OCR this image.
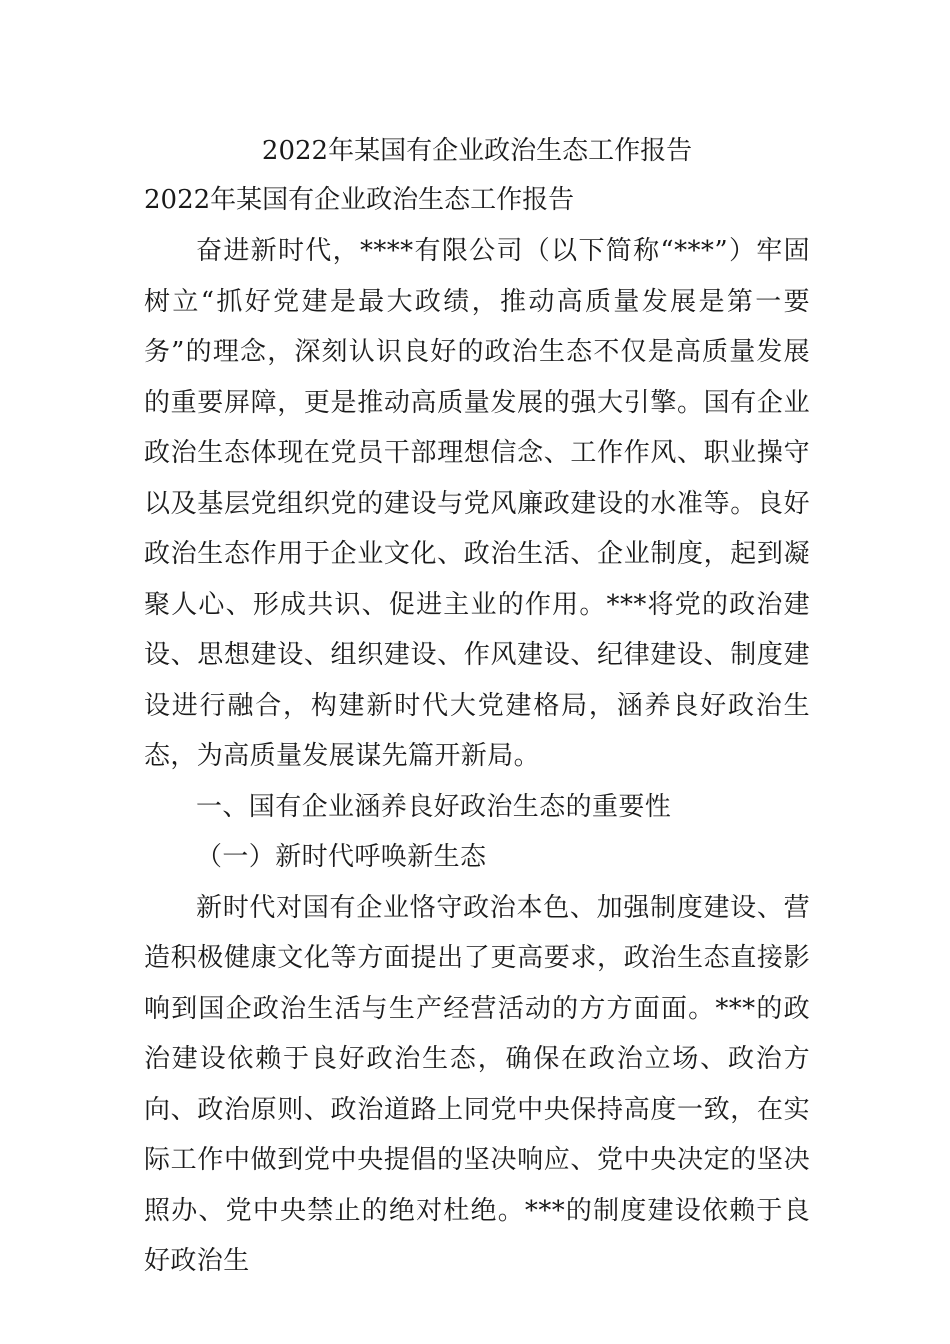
2022年某国有企业政治生态工作报告
2022年某国有企业政治生态工作报告

奋进新时代，****有限公司（以下简称“***”）牢固树立“抓好党建是最大政绩，推动高质量发展是第一要务”的理念，深刻认识良好的政治生态不仅是高质量发展的重要屏障，更是推动高质量发展的强大引擎。国有企业政治生态体现在党员干部理想信念、工作作风、职业操守以及基层党组织党的建设与党风廉政建设的水准等。良好政治生态作用于企业文化、政治生活、企业制度，起到凝聚人心、形成共识、促进主业的作用。***将党的政治建设、思想建设、组织建设、作风建设、纪律建设、制度建设进行融合，构建新时代大党建格局，涵养良好政治生态，为高质量发展谋先篇开新局。

一、国有企业涵养良好政治生态的重要性

（一）新时代呼唤新生态

新时代对国有企业恪守政治本色、加强制度建设、营造积极健康文化等方面提出了更高要求，政治生态直接影响到国企政治生活与生产经营活动的方方面面。***的政治建设依赖于良好政治生态，确保在政治立场、政治方向、政治原则、政治道路上同党中央保持高度一致，在实际工作中做到党中央提倡的坚决响应、党中央决定的坚决照办、党中央禁止的绝对杜绝。***的制度建设依赖于良好政治生
